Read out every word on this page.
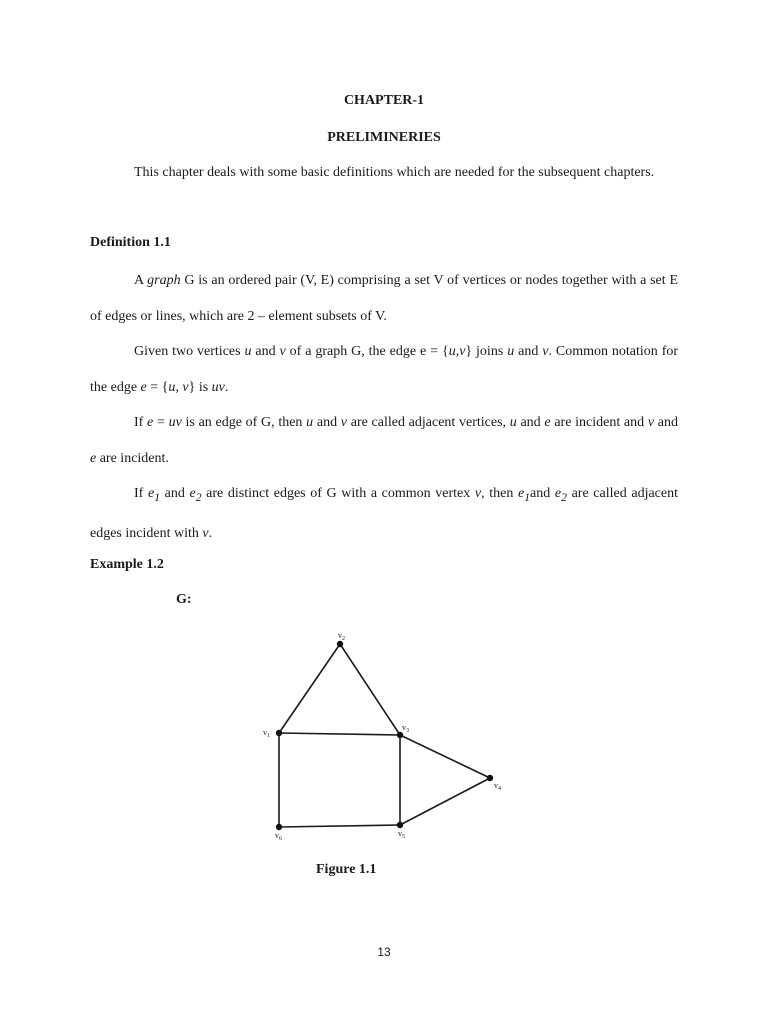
CHAPTER-1
PRELIMINERIES

This chapter deals with some basic definitions which are needed for the subsequent chapters.

Definition 1.1

A graph G is an ordered pair (V, E) comprising a set V of vertices or nodes together with a set E of edges or lines, which are 2 – element subsets of V.

Given two vertices u and v of a graph G, the edge e = {u,v} joins u and v. Common notation for the edge e = {u, v} is uv.

If e = uv is an edge of G, then u and v are called adjacent vertices, u and e are incident and v and e are incident.

If $e_1$ and $e_2$ are distinct edges of G with a common vertex v, then $e_1and$ $e_2$ are called adjacent edges incident with v.

Example 1.2
G:
$v_1$
$v_2$
$v_3$
$v_4$
$v_5$
$v_6$
Figure 1.1
13
